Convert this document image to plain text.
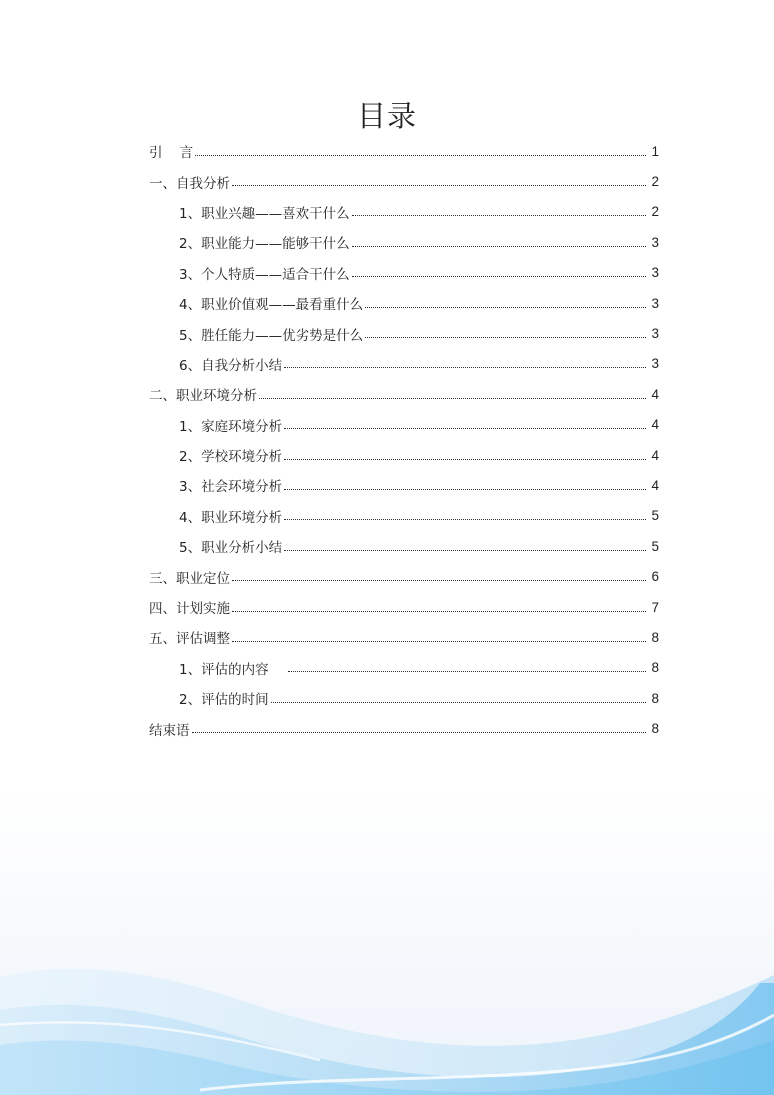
目录
引    言	1
一、自我分析	2
1、职业兴趣——喜欢干什么	2
2、职业能力——能够干什么	3
3、个人特质——适合干什么	3
4、职业价值观——最看重什么	3
5、胜任能力——优劣势是什么	3
6、自我分析小结	3
二、职业环境分析	4
1、家庭环境分析	4
2、学校环境分析	4
3、社会环境分析	4
4、职业环境分析	5
5、职业分析小结	5
三、职业定位	6
四、计划实施	7
五、评估调整	8
1、评估的内容	8
2、评估的时间	8
结束语	8
